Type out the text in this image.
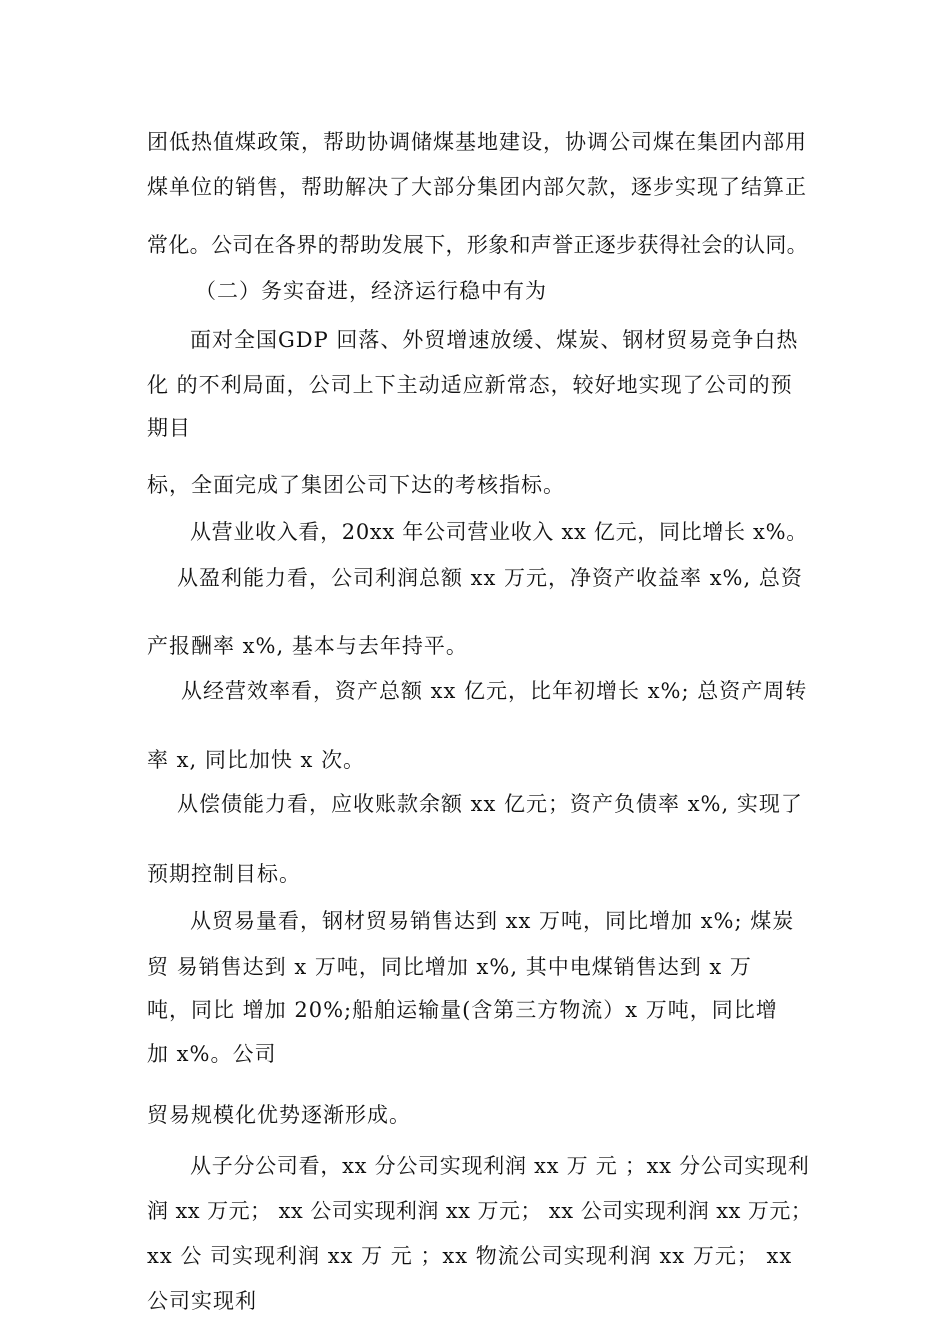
团低热值煤政策，帮助协调储煤基地建设，协调公司煤在集团内部用
煤单位的销售，帮助解决了大部分集团内部欠款，逐步实现了结算正
常化。公司在各界的帮助发展下，形象和声誉正逐步获得社会的认同。
（二）务实奋进，经济运行稳中有为
面对全国GDP 回落、外贸增速放缓、煤炭、钢材贸易竞争白热
化 的不利局面，公司上下主动适应新常态，较好地实现了公司的预
期目
标，全面完成了集团公司下达的考核指标。
从营业收入看，20xx 年公司营业收入 xx 亿元，同比增长 x%。
从盈利能力看，公司利润总额 xx 万元，净资产收益率 x%, 总资
产报酬率 x%, 基本与去年持平。
从经营效率看，资产总额 xx 亿元，比年初增长 x%; 总资产周转
率 x, 同比加快 x 次。
从偿债能力看，应收账款余额 xx 亿元；资产负债率 x%, 实现了
预期控制目标。
从贸易量看，钢材贸易销售达到 xx 万吨，同比增加 x%; 煤炭
贸 易销售达到 x 万吨，同比增加 x%, 其中电煤销售达到 x 万
吨，同比 增加 20%;船舶运输量(含第三方物流）x 万吨，同比增
加 x%。公司
贸易规模化优势逐渐形成。
从子分公司看，xx 分公司实现利润 xx 万 元 ；xx 分公司实现利
润 xx 万元； xx 公司实现利润 xx 万元； xx 公司实现利润 xx 万元；
xx 公 司实现利润 xx 万 元 ；xx 物流公司实现利润 xx 万元； xx
公司实现利
